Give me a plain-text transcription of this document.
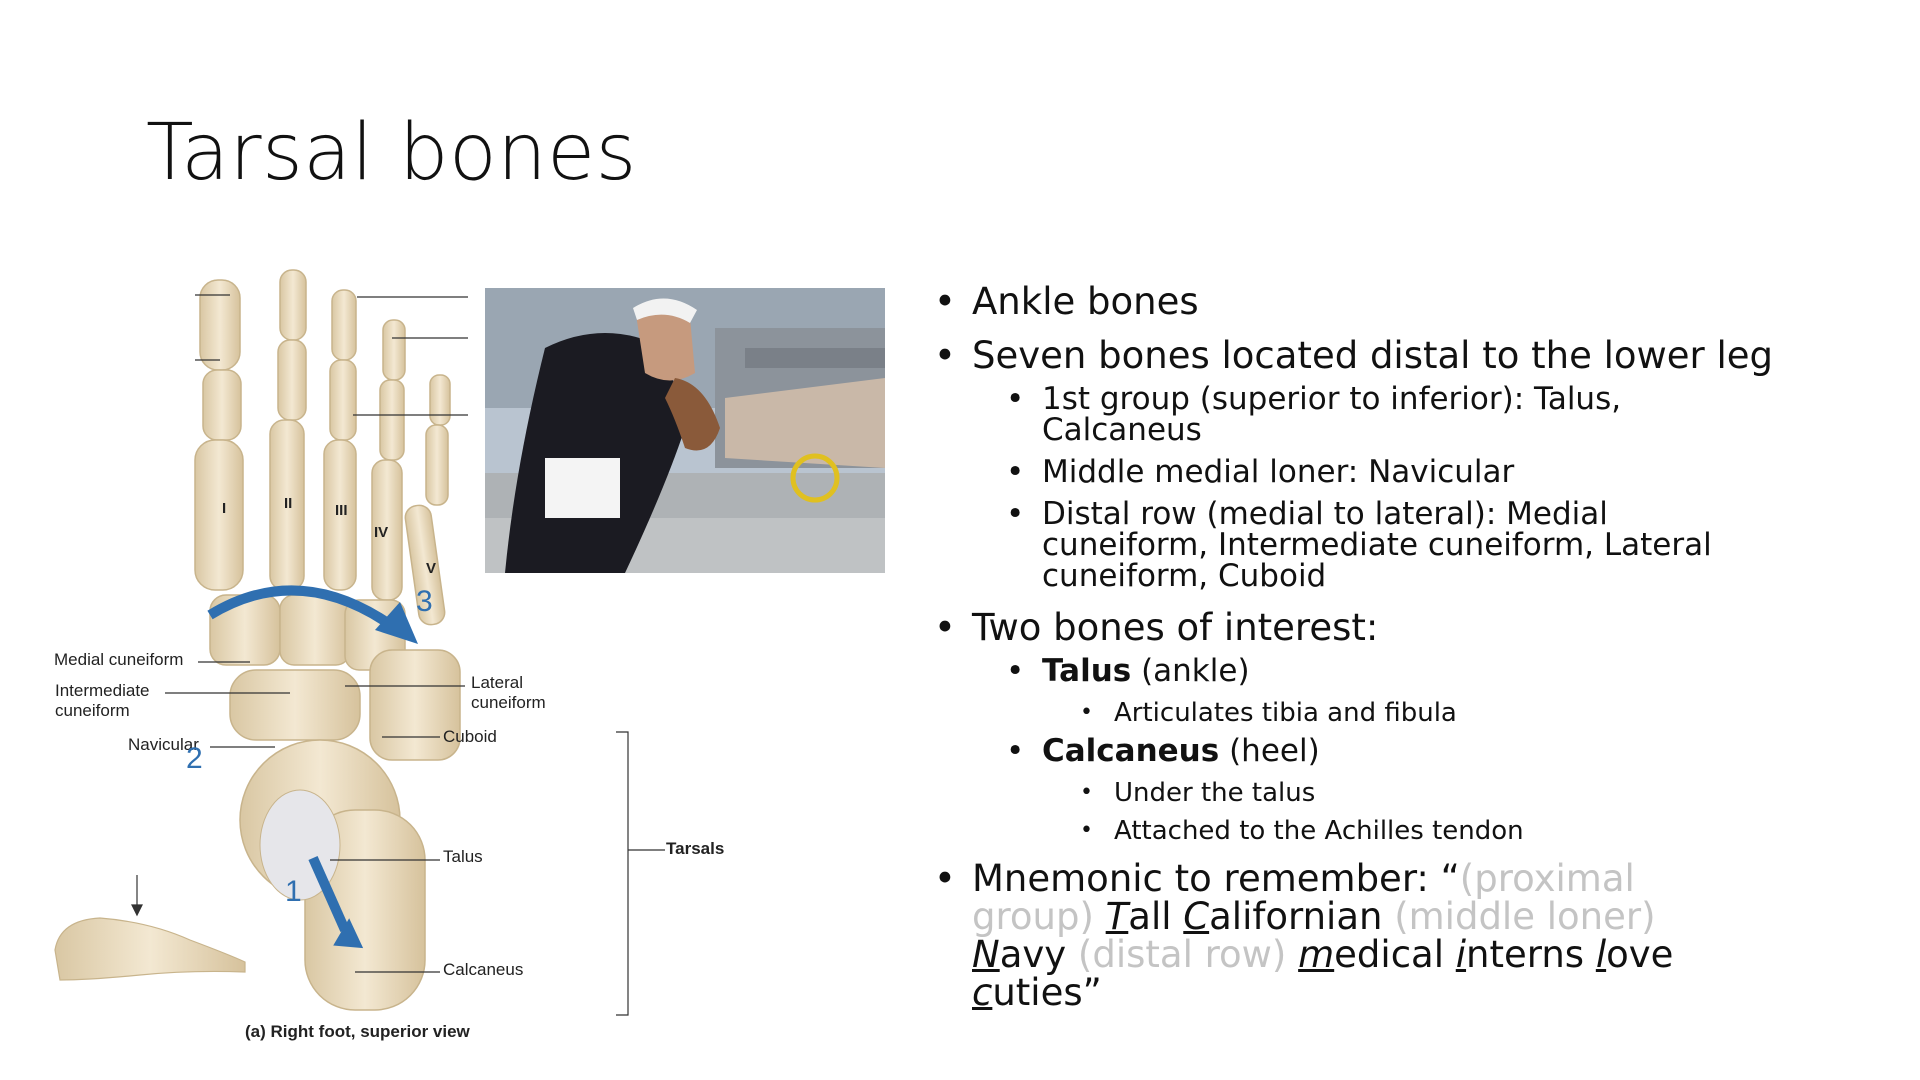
Tarsal bones
I	II	III
IV
V
Medial cuneiform
Intermediate
cuneiform
Navicular
Lateral
cuneiform
Cuboid
Talus
Calcaneus
Tarsals
(a) Right foot, superior view
1
2
3
• Ankle bones
• Seven bones located distal to the lower leg
• 1st group (superior to inferior): Talus, Calcaneus
• Middle medial loner: Navicular
• Distal row (medial to lateral): Medial cuneiform, Intermediate cuneiform, Lateral cuneiform, Cuboid
• Two bones of interest:
• Talus (ankle)
• Articulates tibia and fibula
• Calcaneus (heel)
• Under the talus
• Attached to the Achilles tendon
• Mnemonic to remember: “(proximal group) Tall Californian (middle loner) Navy (distal row) medical interns love cuties”
